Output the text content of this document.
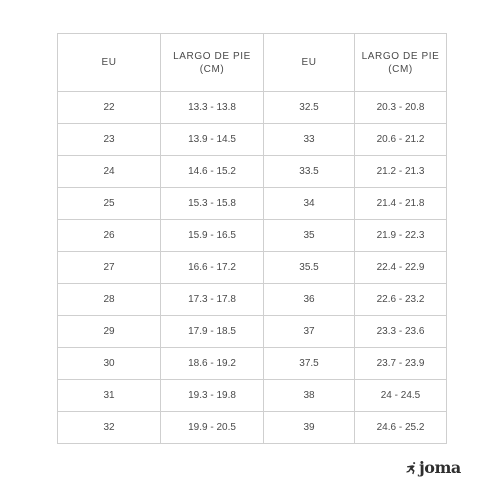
EU	LARGO DE PIE (CM)	EU	LARGO DE PIE (CM)
22	13.3 - 13.8	32.5	20.3 - 20.8
23	13.9 - 14.5	33	20.6 - 21.2
24	14.6 - 15.2	33.5	21.2 - 21.3
25	15.3 - 15.8	34	21.4 - 21.8
26	15.9 - 16.5	35	21.9 - 22.3
27	16.6 - 17.2	35.5	22.4 - 22.9
28	17.3 - 17.8	36	22.6 - 23.2
29	17.9 - 18.5	37	23.3 - 23.6
30	18.6 - 19.2	37.5	23.7 - 23.9
31	19.3 - 19.8	38	24 - 24.5
32	19.9 - 20.5	39	24.6 - 25.2
joma
